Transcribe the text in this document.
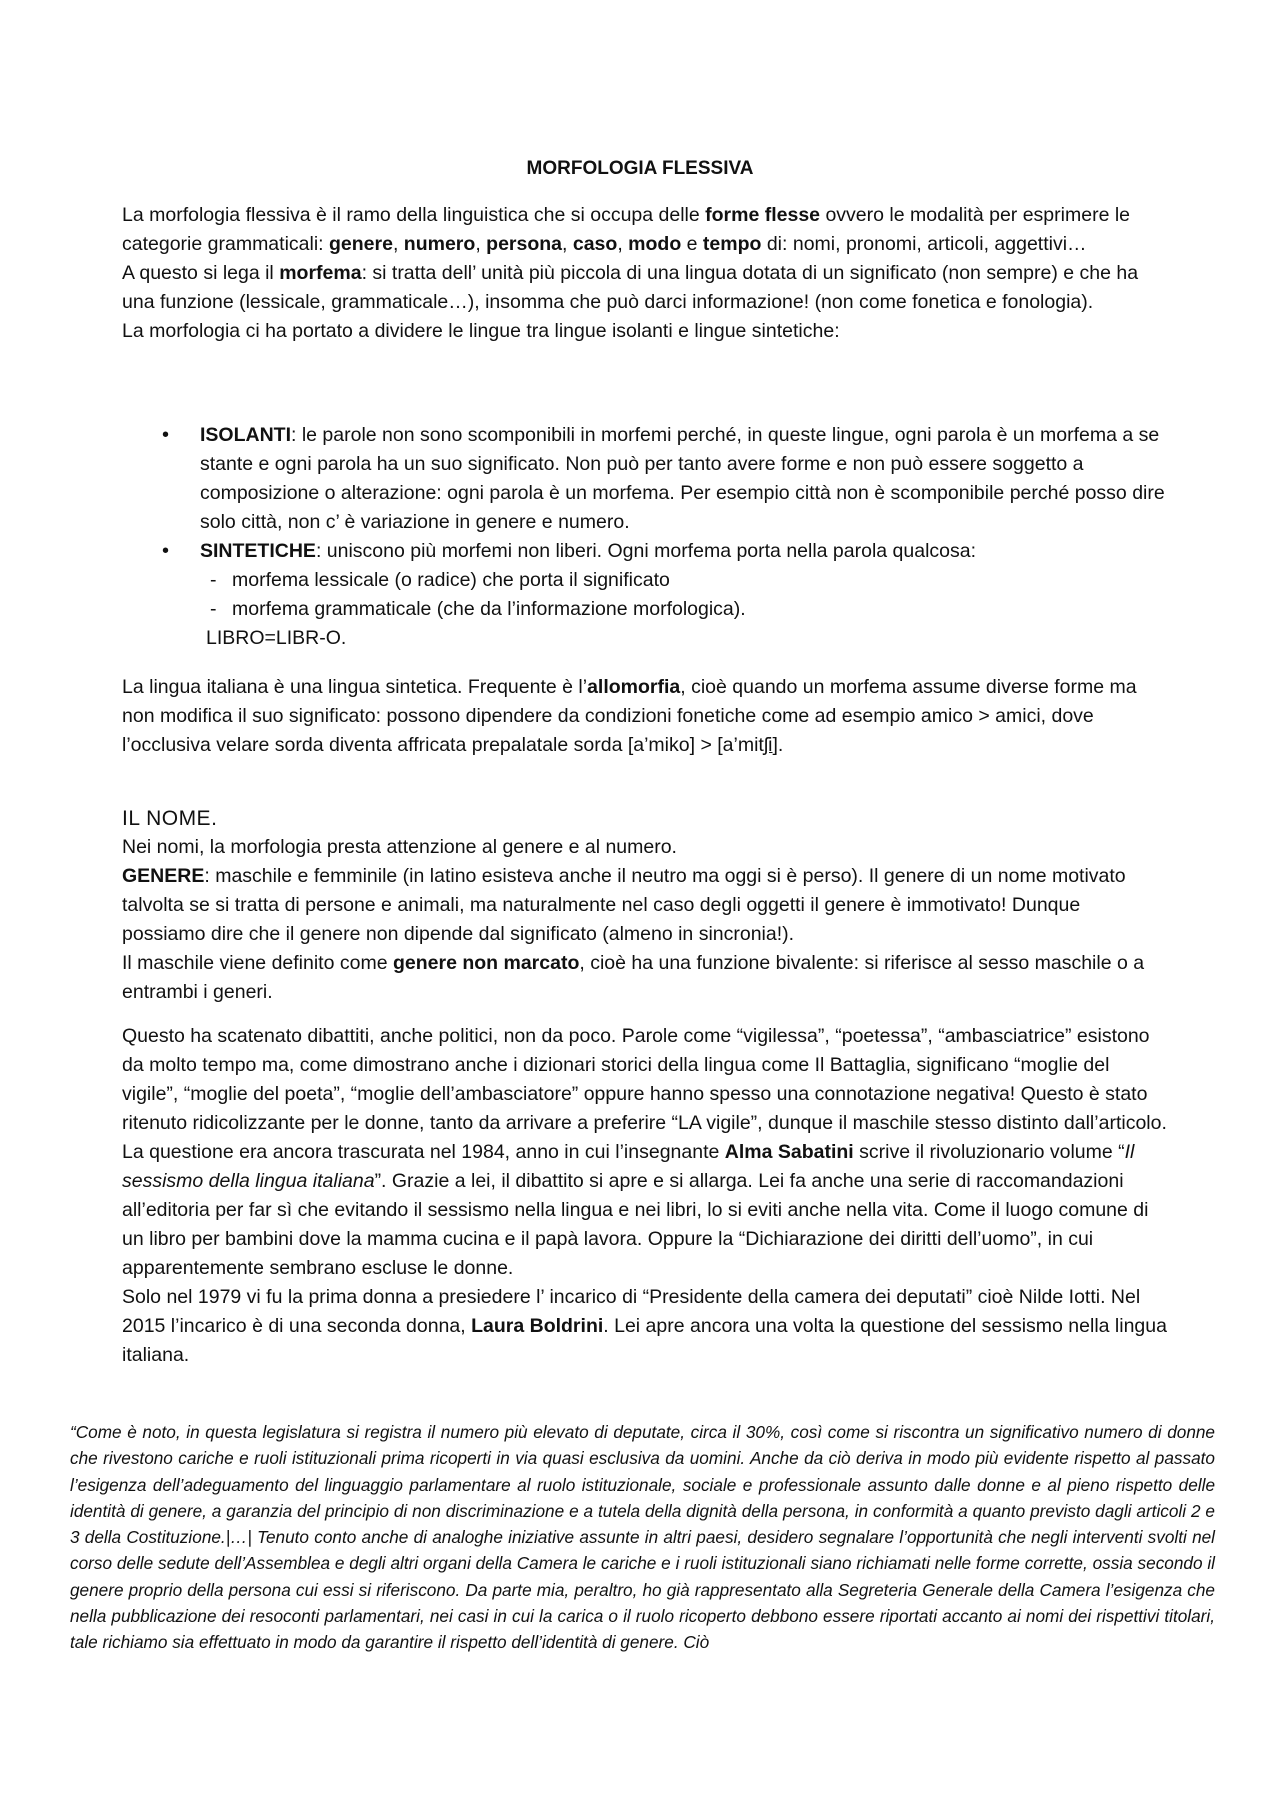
MORFOLOGIA FLESSIVA

La morfologia flessiva è il ramo della linguistica che si occupa delle forme flesse ovvero le modalità per esprimere le categorie grammaticali: genere, numero, persona, caso, modo e tempo di: nomi, pronomi, articoli, aggettivi…

A questo si lega il morfema: si tratta dell’ unità più piccola di una lingua dotata di un significato (non sempre) e che ha una funzione (lessicale, grammaticale…), insomma che può darci informazione! (non come fonetica e fonologia).

La morfologia ci ha portato a dividere le lingue tra lingue isolanti e lingue sintetiche:

• ISOLANTI: le parole non sono scomponibili in morfemi perché, in queste lingue, ogni parola è un morfema a se stante e ogni parola ha un suo significato. Non può per tanto avere forme e non può essere soggetto a composizione o alterazione: ogni parola è un morfema. Per esempio città non è scomponibile perché posso dire solo città, non c’ è variazione in genere e numero.
• SINTETICHE: uniscono più morfemi non liberi. Ogni morfema porta nella parola qualcosa:
- morfema lessicale (o radice) che porta il significato
- morfema grammaticale (che da l’informazione morfologica).
LIBRO=LIBR-O.

La lingua italiana è una lingua sintetica. Frequente è l’allomorfia, cioè quando un morfema assume diverse forme ma non modifica il suo significato: possono dipendere da condizioni fonetiche come ad esempio amico > amici, dove l’occlusiva velare sorda diventa affricata prepalatale sorda [a’miko] > [a’mitʃi].

IL NOME.

Nei nomi, la morfologia presta attenzione al genere e al numero.

GENERE: maschile e femminile (in latino esisteva anche il neutro ma oggi si è perso). Il genere di un nome motivato talvolta se si tratta di persone e animali, ma naturalmente nel caso degli oggetti il genere è immotivato! Dunque possiamo dire che il genere non dipende dal significato (almeno in sincronia!).

Il maschile viene definito come genere non marcato, cioè ha una funzione bivalente: si riferisce al sesso maschile o a entrambi i generi.

Questo ha scatenato dibattiti, anche politici, non da poco. Parole come “vigilessa”, “poetessa”, “ambasciatrice” esistono da molto tempo ma, come dimostrano anche i dizionari storici della lingua come Il Battaglia, significano “moglie del vigile”, “moglie del poeta”, “moglie dell’ambasciatore” oppure hanno spesso una connotazione negativa! Questo è stato ritenuto ridicolizzante per le donne, tanto da arrivare a preferire “LA vigile”, dunque il maschile stesso distinto dall’articolo. La questione era ancora trascurata nel 1984, anno in cui l’insegnante Alma Sabatini scrive il rivoluzionario volume “Il sessismo della lingua italiana”. Grazie a lei, il dibattito si apre e si allarga. Lei fa anche una serie di raccomandazioni all’editoria per far sì che evitando il sessismo nella lingua e nei libri, lo si eviti anche nella vita. Come il luogo comune di un libro per bambini dove la mamma cucina e il papà lavora. Oppure la “Dichiarazione dei diritti dell’uomo”, in cui apparentemente sembrano escluse le donne.

Solo nel 1979 vi fu la prima donna a presiedere l’ incarico di “Presidente della camera dei deputati” cioè Nilde Iotti. Nel 2015 l’incarico è di una seconda donna, Laura Boldrini. Lei apre ancora una volta la questione del sessismo nella lingua italiana.

“Come è noto, in questa legislatura si registra il numero più elevato di deputate, circa il 30%, così come si riscontra un significativo numero di donne che rivestono cariche e ruoli istituzionali prima ricoperti in via quasi esclusiva da uomini. Anche da ciò deriva in modo più evidente rispetto al passato l’esigenza dell’adeguamento del linguaggio parlamentare al ruolo istituzionale, sociale e professionale assunto dalle donne e al pieno rispetto delle identità di genere, a garanzia del principio di non discriminazione e a tutela della dignità della persona, in conformità a quanto previsto dagli articoli 2 e 3 della Costituzione.|…| Tenuto conto anche di analoghe iniziative assunte in altri paesi, desidero segnalare l’opportunità che negli interventi svolti nel corso delle sedute dell’Assemblea e degli altri organi della Camera le cariche e i ruoli istituzionali siano richiamati nelle forme corrette, ossia secondo il genere proprio della persona cui essi si riferiscono. Da parte mia, peraltro, ho già rappresentato alla Segreteria Generale della Camera l’esigenza che nella pubblicazione dei resoconti parlamentari, nei casi in cui la carica o il ruolo ricoperto debbono essere riportati accanto ai nomi dei rispettivi titolari, tale richiamo sia effettuato in modo da garantire il rispetto dell’identità di genere. Ciò
